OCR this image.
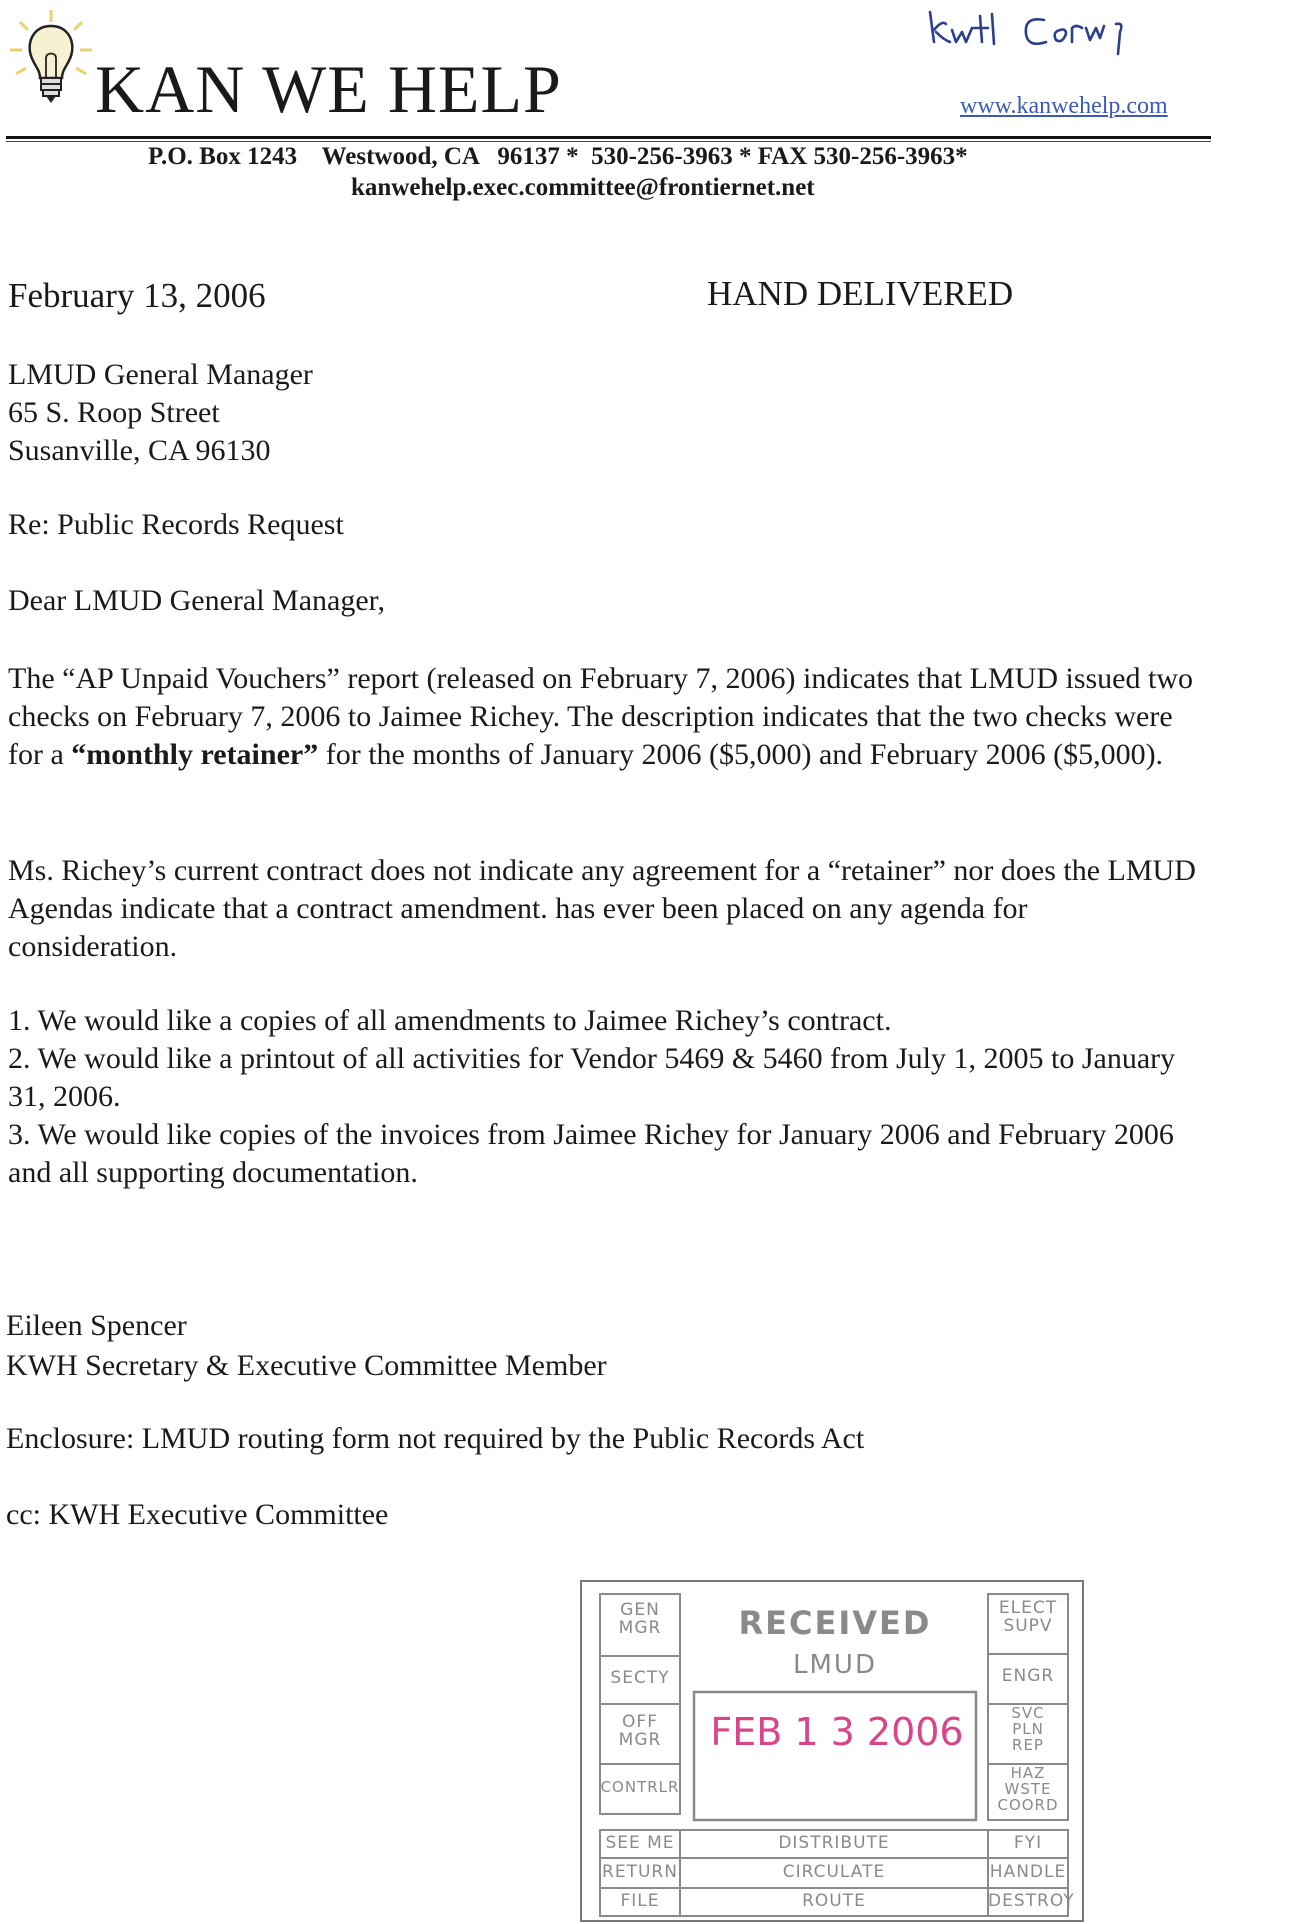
KAN WE HELP	www.kanwehelp.com
P.O. Box 1243    Westwood, CA   96137 *  530-256-3963 * FAX 530-256-3963*
kanwehelp.exec.committee@frontiernet.net
February 13, 2006	HAND DELIVERED
LMUD General Manager
65 S. Roop Street
Susanville, CA 96130
Re: Public Records Request
Dear LMUD General Manager,
The “AP Unpaid Vouchers” report (released on February 7, 2006) indicates that LMUD issued two checks on February 7, 2006 to Jaimee Richey. The description indicates that the two checks were for a “monthly retainer” for the months of January 2006 ($5,000) and February 2006 ($5,000).
Ms. Richey’s current contract does not indicate any agreement for a “retainer” nor does the LMUD Agendas indicate that a contract amendment. has ever been placed on any agenda for consideration.
1. We would like a copies of all amendments to Jaimee Richey’s contract.
2. We would like a printout of all activities for Vendor 5469 & 5460 from July 1, 2005 to January 31, 2006.
3. We would like copies of the invoices from Jaimee Richey for January 2006 and February 2006 and all supporting documentation.
Eileen Spencer
KWH Secretary & Executive Committee Member
Enclosure: LMUD routing form not required by the Public Records Act
cc: KWH Executive Committee
RECEIVED
LMUD
FEB 1 3 2006
GEN
MGR
SECTY
OFF
MGR
CONTRLR
SEE ME
RETURN
FILE
ELECT
SUPV
ENGR
SVC
PLN
REP
HAZ
WSTE
COORD
FYI
HANDLE
DESTROY
DISTRIBUTE
CIRCULATE
ROUTE
